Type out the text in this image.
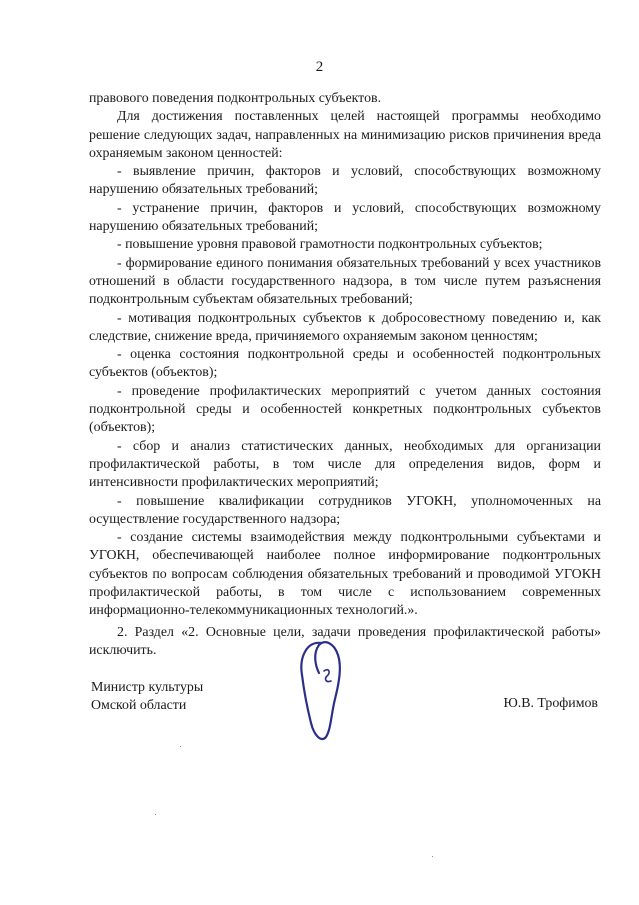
2

правового поведения подконтрольных субъектов.

Для достижения поставленных целей настоящей программы необходимо решение следующих задач, направленных на минимизацию рисков причинения вреда охраняемым законом ценностей:

- выявление причин, факторов и условий, способствующих возможному нарушению обязательных требований;

- устранение причин, факторов и условий, способствующих возможному нарушению обязательных требований;

- повышение уровня правовой грамотности подконтрольных субъектов;

- формирование единого понимания обязательных требований у всех участников отношений в области государственного надзора, в том числе путем разъяснения подконтрольным субъектам обязательных требований;

- мотивация подконтрольных субъектов к добросовестному поведению и, как следствие, снижение вреда, причиняемого охраняемым законом ценностям;

- оценка состояния подконтрольной среды и особенностей подконтрольных субъектов (объектов);

- проведение профилактических мероприятий с учетом данных состояния подконтрольной среды и особенностей конкретных подконтрольных субъектов (объектов);

- сбор и анализ статистических данных, необходимых для организации профилактической работы, в том числе для определения видов, форм и интенсивности профилактических мероприятий;

- повышение квалификации сотрудников УГОКН, уполномоченных на осуществление государственного надзора;

- создание системы взаимодействия между подконтрольными субъектами и УГОКН, обеспечивающей наиболее полное информирование подконтрольных субъектов по вопросам соблюдения обязательных требований и проводимой УГОКН профилактической работы, в том числе с использованием современных информационно-телекоммуникационных технологий.».

2. Раздел «2. Основные цели, задачи проведения профилактической работы» исключить.

Министр культуры
Омской области	Ю.В. Трофимов
